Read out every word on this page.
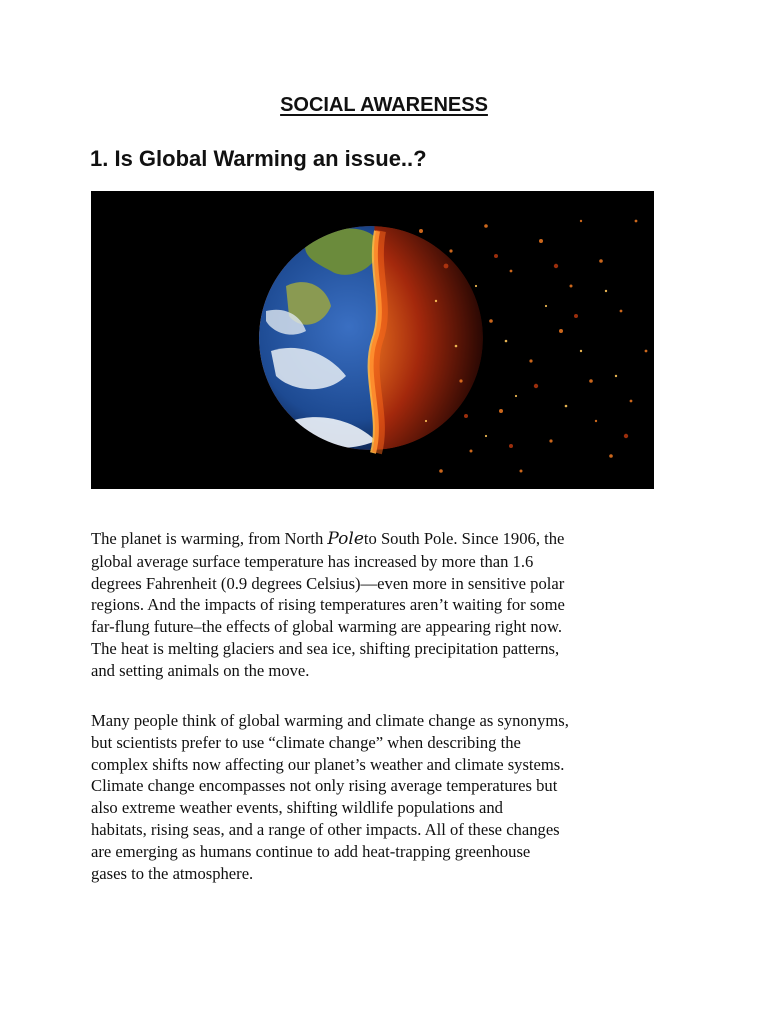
SOCIAL AWARENESS
1. Is Global Warming an issue..?
The planet is warming, from North Poleto South Pole. Since 1906, the
global average surface temperature has increased by more than 1.6
degrees Fahrenheit (0.9 degrees Celsius)—even more in sensitive polar
regions. And the impacts of rising temperatures aren’t waiting for some
far-flung future–the effects of global warming are appearing right now.
The heat is melting glaciers and sea ice, shifting precipitation patterns,
and setting animals on the move.
Many people think of global warming and climate change as synonyms,
but scientists prefer to use “climate change” when describing the
complex shifts now affecting our planet’s weather and climate systems.
Climate change encompasses not only rising average temperatures but
also extreme weather events, shifting wildlife populations and
habitats, rising seas, and a range of other impacts. All of these changes
are emerging as humans continue to add heat-trapping greenhouse
gases to the atmosphere.
